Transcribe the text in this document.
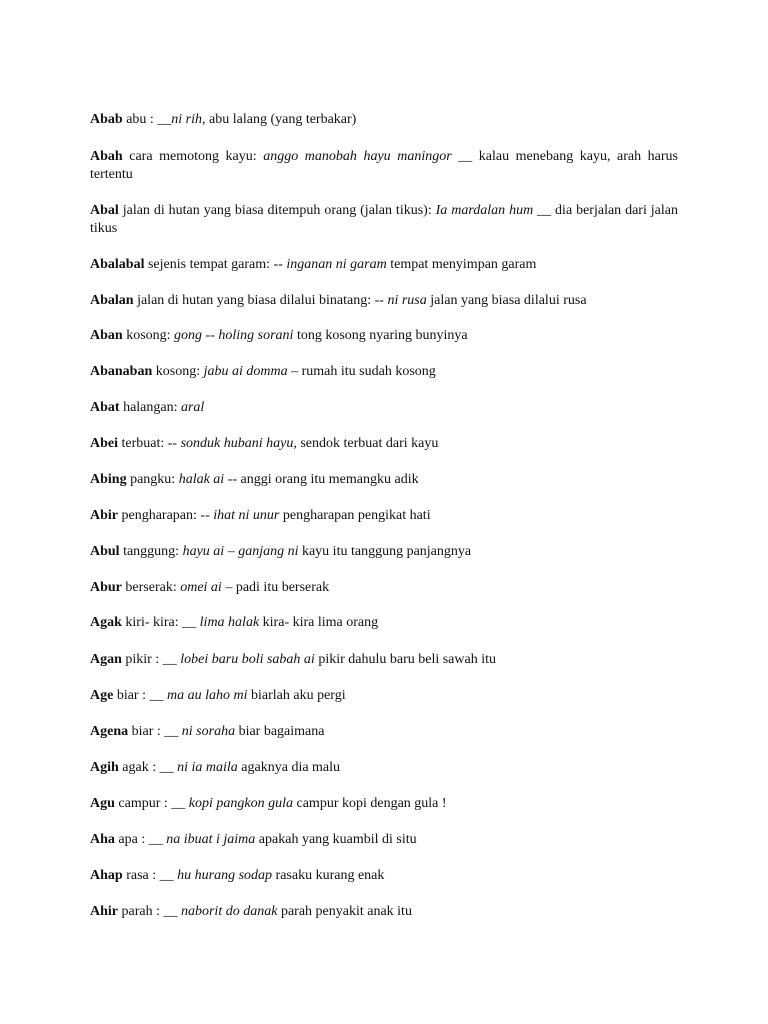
Abab abu : __ni rih, abu lalang (yang terbakar)

Abah cara memotong kayu: anggo manobah hayu maningor __ kalau menebang kayu, arah harus tertentu

Abal jalan di hutan yang biasa ditempuh orang (jalan tikus): Ia mardalan hum __ dia berjalan dari jalan tikus

Abalabal sejenis tempat garam: -- inganan ni garam tempat menyimpan garam

Abalan jalan di hutan yang biasa dilalui binatang: -- ni rusa jalan yang biasa dilalui rusa

Aban kosong: gong -- holing sorani tong kosong nyaring bunyinya

Abanaban kosong: jabu ai domma – rumah itu sudah kosong

Abat halangan: aral

Abei terbuat: -- sonduk hubani hayu, sendok terbuat dari kayu

Abing pangku: halak ai -- anggi orang itu memangku adik

Abir pengharapan: -- ihat ni unur pengharapan pengikat hati

Abul tanggung: hayu ai – ganjang ni kayu itu tanggung panjangnya

Abur berserak: omei ai – padi itu berserak

Agak kiri- kira: __ lima halak kira- kira lima orang

Agan pikir : __ lobei baru boli sabah ai pikir dahulu baru beli sawah itu

Age biar : __ ma au laho mi biarlah aku pergi

Agena biar : __ ni soraha biar bagaimana

Agih agak : __ ni ia maila agaknya dia malu

Agu campur : __ kopi pangkon gula campur kopi dengan gula !

Aha apa : __ na ibuat i jaima apakah yang kuambil di situ

Ahap rasa : __ hu hurang sodap rasaku kurang enak

Ahir parah : __ naborit do danak parah penyakit anak itu
